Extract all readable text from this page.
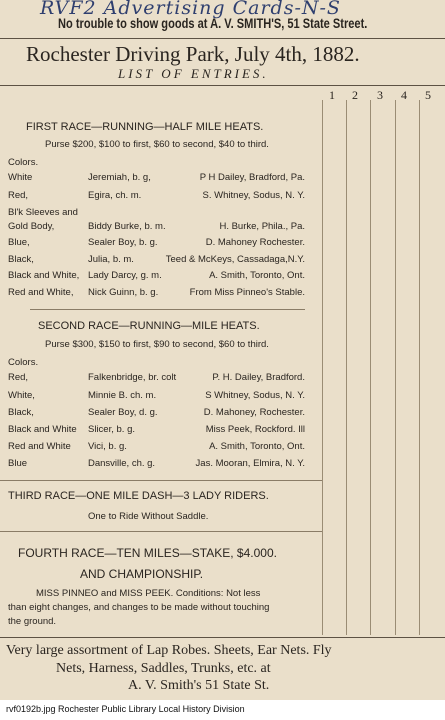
RVF2 Advertising Cards-N-S
No trouble to show goods at A. V. SMITH'S, 51 State Street.
Rochester Driving Park, July 4th, 1882.
LIST OF ENTRIES.
1 2 3 4 5
FIRST RACE—RUNNING—HALF MILE HEATS.
Purse $200, $100 to first, $60 to second, $40 to third.
Colors.
White	Jeremiah, b. g,	P H Dailey, Bradford, Pa.
Red,	Egira, ch. m.	S. Whitney, Sodus, N. Y.
Bl'k Sleeves and
Gold Body,	Biddy Burke, b. m.	H. Burke, Phila., Pa.
Blue,	Sealer Boy, b. g.	D. Mahoney Rochester.
Black,	Julia, b. m.	Teed & McKeys, Cassadaga,N.Y.
Black and White, Lady Darcy, g. m.	A. Smith, Toronto, Ont.
Red and White, Nick Guinn, b. g.	From Miss Pinneo's Stable.
SECOND RACE—RUNNING—MILE HEATS.
Purse $300, $150 to first, $90 to second, $60 to third.
Colors.
Red,	Falkenbridge, br. colt	P. H. Dailey, Bradford.
White,	Minnie B. ch. m.	S Whitney, Sodus, N. Y.
Black,	Sealer Boy, d. g.	D. Mahoney, Rochester.
Black and White Slicer, b. g.	Miss Peek, Rockford. Ill
Red and White Vici, b. g.	A. Smith, Toronto, Ont.
Blue	Dansville, ch. g.	Jas. Mooran, Elmira, N. Y.
THIRD RACE—ONE MILE DASH—3 LADY RIDERS.
One to Ride Without Saddle.
FOURTH RACE—TEN MILES—STAKE, $4.000.
AND CHAMPIONSHIP.
MISS PINNEO and MISS PEEK. Conditions: Not less
than eight changes, and changes to be made without touching
the ground.
Very large assortment of Lap Robes. Sheets, Ear Nets. Fly
Nets, Harness, Saddles, Trunks, etc. at
A. V. Smith's 51 State St.
rvf0192b.jpg Rochester Public Library Local History Division
